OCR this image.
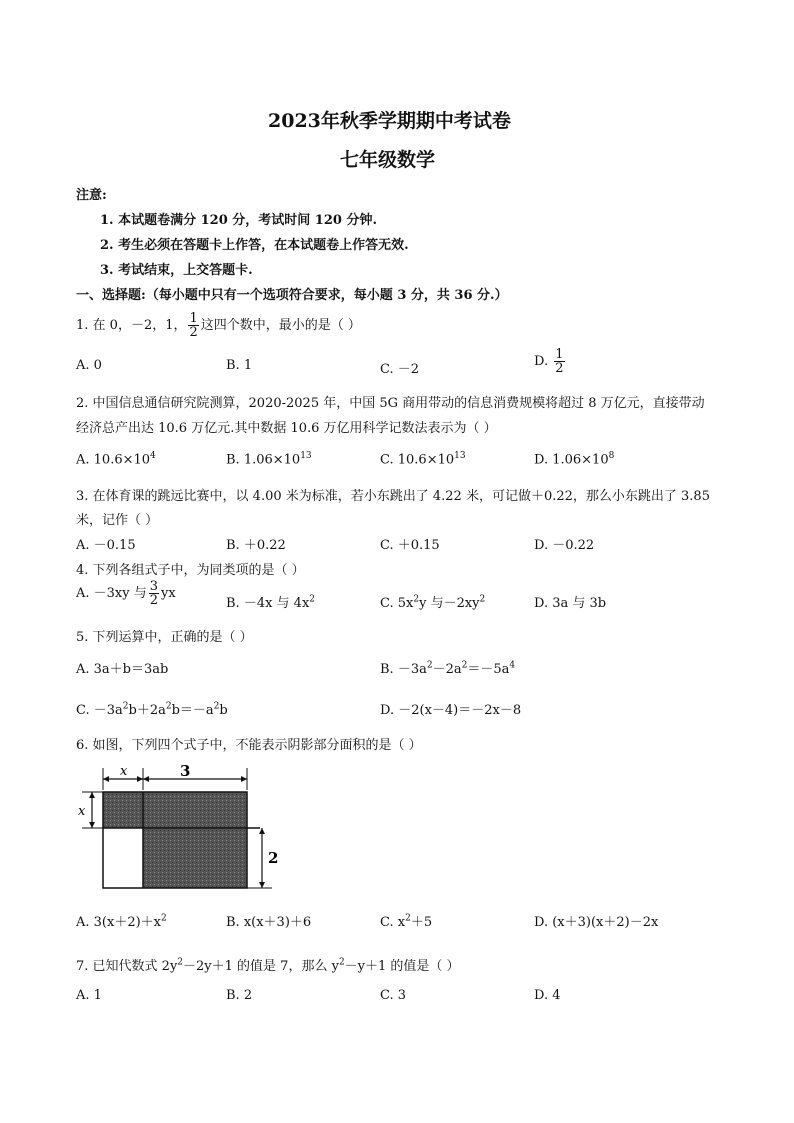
2023年秋季学期期中考试卷
七年级数学
注意:
1. 本试题卷满分 120 分，考试时间 120 分钟.
2. 考生必须在答题卡上作答，在本试题卷上作答无效.
3. 考试结束，上交答题卡.
一、选择题:（每小题中只有一个选项符合要求，每小题 3 分，共 36 分.）
1. 在 0，－2，1， $\frac{1}{2}$ 这四个数中，最小的是（ ）
A. 0	B. 1	C. －2
D. $\frac{1}{2}$
2. 中国信息通信研究院测算，2020-2025 年，中国 5G 商用带动的信息消费规模将超过 8 万亿元，直接带动
经济总产出达 10.6 万亿元.其中数据 10.6 万亿用科学记数法表示为（ ）
A. $10.6\times 10^4$	B. $1.06\times 10^{13}$	C. $10.6\times 10^{13}$	D. $1.06\times 10^8$
3. 在体育课的跳远比赛中，以 4.00 米为标准，若小东跳出了 4.22 米，可记做＋0.22，那么小东跳出了 3.85
米，记作（ ）
A. －0.15	B. ＋0.22	C. ＋0.15	D. －0.22
4. 下列各组式子中，为同类项的是（ ）
A. －3xy 与 $\frac{3}{2}$ yx
B. －4x 与 $4x^2$	C. $5x^2y$ 与$-2xy^2$	D. 3a 与 3b
5. 下列运算中，正确的是（ ）
A. 3a＋b＝3ab	B. $-3a^2-2a^2=-5a^4$
C. $-3a^2b+2a^2b=-a^2b$	D. －2(x－4)＝－2x－8
6. 如图，下列四个式子中，不能表示阴影部分面积的是（ ）
x	3
x
2
A. $3(x+2)+x^2$	B. x(x＋3)＋6	C. $x^2+5$	D. (x＋3)(x＋2)－2x
7. 已知代数式 $2y^2-2y+1$ 的值是 7，那么 $y^2-y+1$ 的值是（ ）
A. 1	B. 2	C. 3	D. 4
